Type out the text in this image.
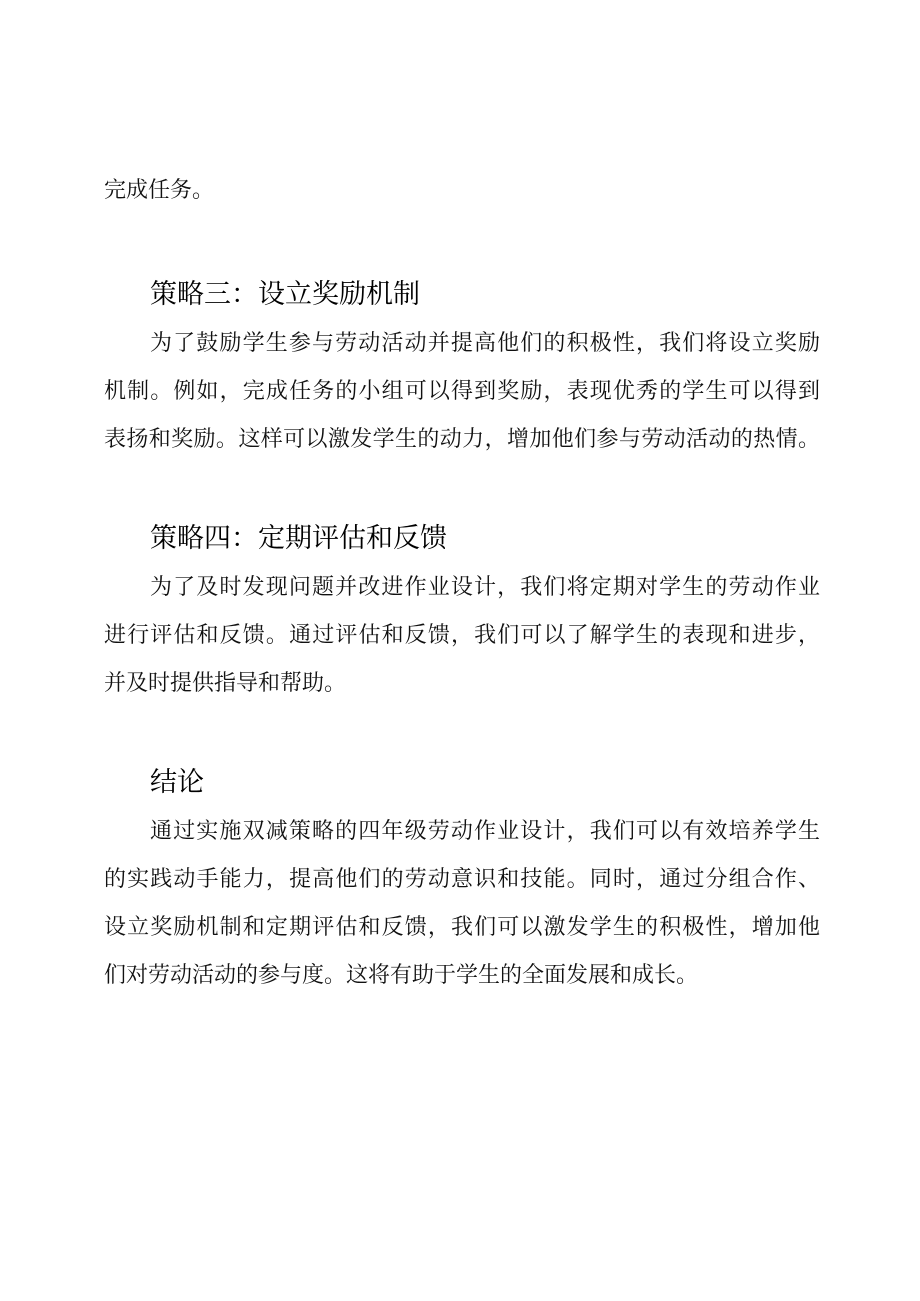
完成任务。
策略三：设立奖励机制
为了鼓励学生参与劳动活动并提高他们的积极性，我们将设立奖励
机制。例如，完成任务的小组可以得到奖励，表现优秀的学生可以得到
表扬和奖励。这样可以激发学生的动力，增加他们参与劳动活动的热情。
策略四：定期评估和反馈
为了及时发现问题并改进作业设计，我们将定期对学生的劳动作业
进行评估和反馈。通过评估和反馈，我们可以了解学生的表现和进步，
并及时提供指导和帮助。
结论
通过实施双减策略的四年级劳动作业设计，我们可以有效培养学生
的实践动手能力，提高他们的劳动意识和技能。同时，通过分组合作、
设立奖励机制和定期评估和反馈，我们可以激发学生的积极性，增加他
们对劳动活动的参与度。这将有助于学生的全面发展和成长。
